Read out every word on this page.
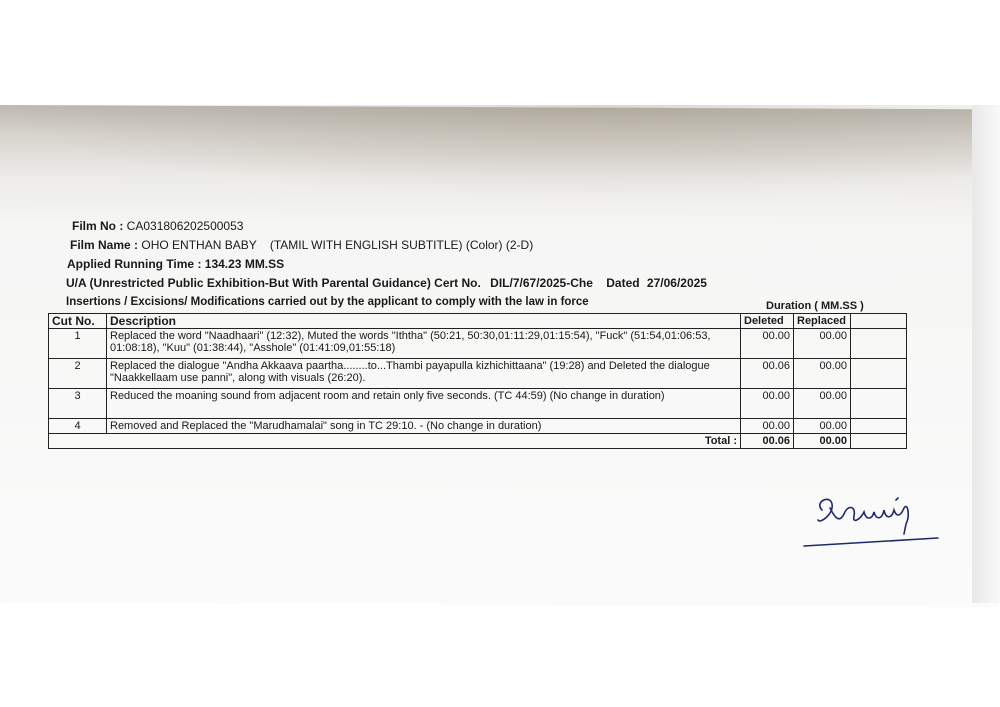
Film No : CA031806202500053
Film Name : OHO ENTHAN BABY (TAMIL WITH ENGLISH SUBTITLE) (Color) (2-D)
Applied Running Time : 134.23 MM.SS
U/A (Unrestricted Public Exhibition-But With Parental Guidance) Cert No. DIL/7/67/2025-Che Dated 27/06/2025
Insertions / Excisions/ Modifications carried out by the applicant to comply with the law in force	Duration ( MM.SS )
Cut No.	Description	Deleted	Replaced	
1	Replaced the word "Naadhaari" (12:32), Muted the words "Iththa" (50:21, 50:30,01:11:29,01:15:54), "Fuck" (51:54,01:06:53, 01:08:18), "Kuu" (01:38:44), "Asshole" (01:41:09,01:55:18)	00.00	00.00	
2	Replaced the dialogue "Andha Akkaava paartha........to...Thambi payapulla kizhichittaana" (19:28) and Deleted the dialogue "Naakkellaam use panni", along with visuals (26:20).	00.06	00.00	
3	Reduced the moaning sound from adjacent room and retain only five seconds. (TC 44:59) (No change in duration)	00.00	00.00	
4	Removed and Replaced the "Marudhamalai" song in TC 29:10. - (No change in duration)	00.00	00.00	
	Total :	00.06	00.00	
